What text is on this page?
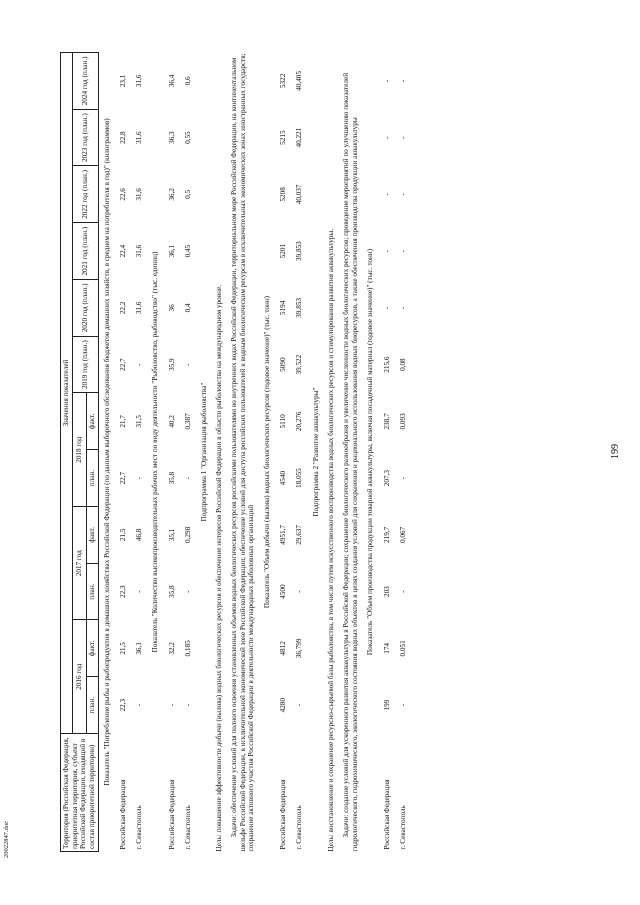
199
20022847.doc	Территория (Российская Федерация, приоритетная территория, субъект Российской Федерации, входящий в состав приоритетной территории)	Значения показателей											
	2016 год		2017 год		2018 год		2019 год (план.)	2020 год (план.)	2021 год (план.)	2022 год (план.)	2023 год (план.)	2024 год (план.)
	план.	факт.	план.	факт.	план.	факт.						
Показатель "Потребление рыбы и рыбопродуктов в домашних хозяйствах Российской Федерации (по данным выборочного обследования бюджетов домашних хозяйств, в среднем на потребителя в год)" (килограммов)												
Российская Федерация	22,3	21,5	22,3	21,5	22,7	21,7	22,7	22,2	22,4	22,6	22,8	23,1
г. Севастополь	-	36,1	-	46,8	-	31,5	-	31,6	31,6	31,6	31,6	31,6
Показатель "Количество высокопроизводительных рабочих мест по виду деятельности "Рыболовство, рыбоводство" (тыс. единиц)												
Российская Федерация	-	32,2	35,8	35,1	35,8	40,2	35,9	36	36,1	36,2	36,3	36,4
г. Севастополь	-	0,185	-	0,298	-	0,387	-	0,4	0,45	0,5	0,55	0,6
Подпрограмма 1 "Организация рыболовства"												
Цель: повышение эффективности добычи (вылова) водных биологических ресурсов и обеспечение интересов Российской Федерации в области рыболовства на международном уровне.												
Задачи: обеспечение условий для полного освоения установленных объемов водных биологических ресурсов российскими пользователями во внутренних водах Российской Федерации, территориальном море Российской Федерации, на континентальном шельфе Российской Федерации, в исключительной экономической зоне Российской Федерации; обеспечение условий для доступа российских пользователей к водным биологическим ресурсам в исключительных экономических зонах иностранных государств; сохранение активного участия Российской Федерации в деятельности международных рыболовных организаций												
Показатель "Объем добычи (вылова) водных биологических ресурсов (годовое значение)" (тыс. тонн)												
Российская Федерация	4280	4812	4500	4951,7	4540	5110	5090	5194	5201	5208	5215	5322
г. Севастополь	-	36,799	-	29,637	18,055	20,276	39,522	39,853	39,853	40,037	40,221	40,405
Подпрограмма 2 "Развитие аквакультуры"												
Цель: восстановление и сохранение ресурсно-сырьевой базы рыболовства, в том числе путем искусственного воспроизводства водных биологических ресурсов и стимулирования развития аквакультуры.												
Задачи: создание условий для ускоренного развития аквакультуры в Российской Федерации; сохранение биологического разнообразия и увеличение численности водных биологических ресурсов; проведение мероприятий по улучшению показателей гидрологического, гидрохимического, экологического состояния водных объектов в целях создания условий для сохранения и рационального использования водных биоресурсов, а также обеспечения производства продукции аквакультуры												
Показатель "Объем производства продукции товарной аквакультуры, включая посадочный материал (годовое значение)" (тыс. тонн)												
Российская Федерация	199	174	203	219,7	207,3	238,7	215,6	-	-	-	-	-
г. Севастополь	-	0,051	-	0,067	-	0,093	0,08	-	-	-	-	-
